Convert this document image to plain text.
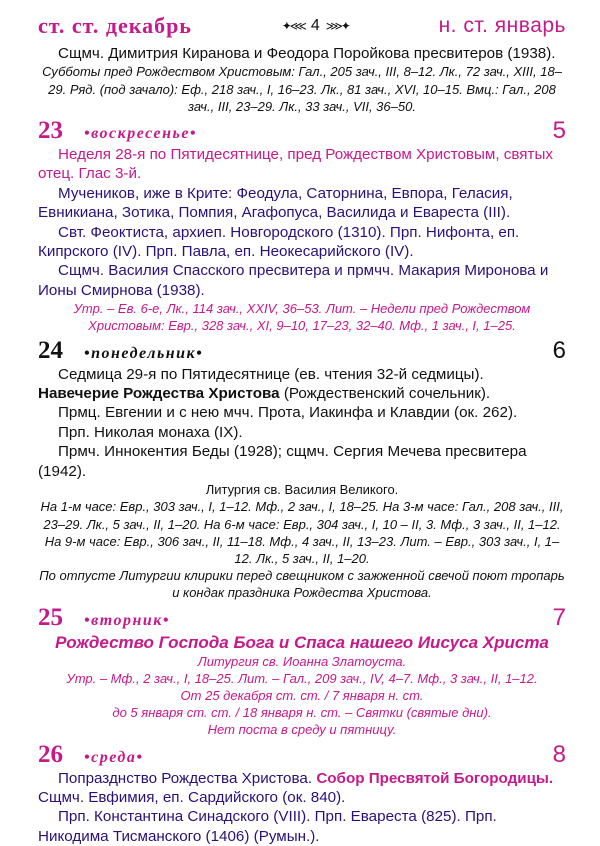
ст. ст. декабрь	✦⋘ 4 ⋙✦	н. ст. январь

Сщмч. Димитрия Киранова и Феодора Поройкова пресвитеров (1938).

Субботы пред Рождеством Христовым: Гал., 205 зач., III, 8–12. Лк., 72 зач., XIII, 18–29. Ряд. (под зачало): Еф., 218 зач., I, 16–23. Лк., 81 зач., XVI, 10–15. Вмц.: Гал., 208 зач., III, 23–29. Лк., 33 зач., VII, 36–50.

23 •воскресенье•	5

Неделя 28-я по Пятидесятнице, пред Рождеством Христовым, святых отец. Глас 3-й.

Мучеников, иже в Крите: Феодула, Саторнина, Евпора, Геласия, Евникиана, Зотика, Помпия, Агафопуса, Василида и Евареста (III).

Свт. Феоктиста, архиеп. Новгородского (1310). Прп. Нифонта, еп. Кипрского (IV). Прп. Павла, еп. Неокесарийского (IV).

Сщмч. Василия Спасского пресвитера и прмчч. Макария Миронова и Ионы Смирнова (1938).

Утр. – Ев. 6-е, Лк., 114 зач., XXIV, 36–53. Лит. – Недели пред Рождеством Христовым: Евр., 328 зач., XI, 9–10, 17–23, 32–40. Мф., 1 зач., I, 1–25.

24 •понедельник•	6

Седмица 29-я по Пятидесятнице (ев. чтения 32-й седмицы).

Навечерие Рождества Христова (Рождественский сочельник).

Прмц. Евгении и с нею мчч. Прота, Иакинфа и Клавдии (ок. 262).

Прп. Николая монаха (IX).

Прмч. Иннокентия Беды (1928); сщмч. Сергия Мечева пресвитера (1942).

Литургия св. Василия Великого.

На 1-м часе: Евр., 303 зач., I, 1–12. Мф., 2 зач., I, 18–25. На 3-м часе: Гал., 208 зач., III, 23–29. Лк., 5 зач., II, 1–20. На 6-м часе: Евр., 304 зач., I, 10 – II, 3. Мф., 3 зач., II, 1–12. На 9-м часе: Евр., 306 зач., II, 11–18. Мф., 4 зач., II, 13–23. Лит. – Евр., 303 зач., I, 1–12. Лк., 5 зач., II, 1–20.

По отпусте Литургии клирики перед свещником с зажженной свечой поют тропарь и кондак праздника Рождества Христова.

25 •вторник•	7

Рождество Господа Бога и Спаса нашего Иисуса Христа

Литургия св. Иоанна Златоуста.

Утр. – Мф., 2 зач., I, 18–25. Лит. – Гал., 209 зач., IV, 4–7. Мф., 3 зач., II, 1–12.

От 25 декабря ст. ст. / 7 января н. ст.

до 5 января ст. ст. / 18 января н. ст. – Святки (святые дни).

Нет поста в среду и пятницу.

26 •среда•	8

Попразднство Рождества Христова. Собор Пресвятой Богородицы. Сщмч. Евфимия, еп. Сардийского (ок. 840).

Прп. Константина Синадского (VIII). Прп. Евареста (825). Прп. Никодима Тисманского (1406) (Румын.).
